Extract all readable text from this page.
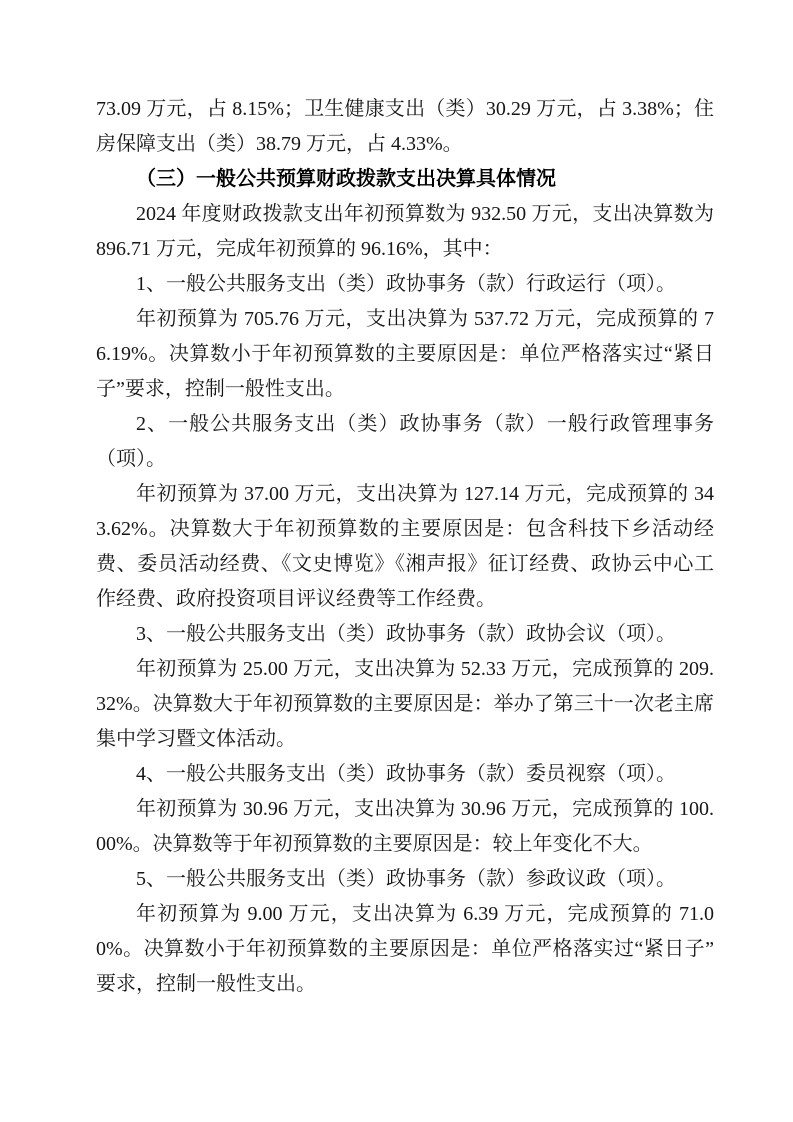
73.09 万元，占 8.15%；卫生健康支出（类）30.29 万元，占 3.38%；住房保障支出（类）38.79 万元，占 4.33%。

（三）一般公共预算财政拨款支出决算具体情况

2024 年度财政拨款支出年初预算数为 932.50 万元，支出决算数为 896.71 万元，完成年初预算的 96.16%，其中：

1、一般公共服务支出（类）政协事务（款）行政运行（项）。

年初预算为 705.76 万元，支出决算为 537.72 万元，完成预算的 76.19%。决算数小于年初预算数的主要原因是：单位严格落实过“紧日子”要求，控制一般性支出。

2、一般公共服务支出（类）政协事务（款）一般行政管理事务（项）。

年初预算为 37.00 万元，支出决算为 127.14 万元，完成预算的 343.62%。决算数大于年初预算数的主要原因是：包含科技下乡活动经费、委员活动经费、《文史博览》《湘声报》征订经费、政协云中心工作经费、政府投资项目评议经费等工作经费。

3、一般公共服务支出（类）政协事务（款）政协会议（项）。

年初预算为 25.00 万元，支出决算为 52.33 万元，完成预算的 209.32%。决算数大于年初预算数的主要原因是：举办了第三十一次老主席集中学习暨文体活动。

4、一般公共服务支出（类）政协事务（款）委员视察（项）。

年初预算为 30.96 万元，支出决算为 30.96 万元，完成预算的 100.00%。决算数等于年初预算数的主要原因是：较上年变化不大。

5、一般公共服务支出（类）政协事务（款）参政议政（项）。

年初预算为 9.00 万元，支出决算为 6.39 万元，完成预算的 71.00%。决算数小于年初预算数的主要原因是：单位严格落实过“紧日子”要求，控制一般性支出。
